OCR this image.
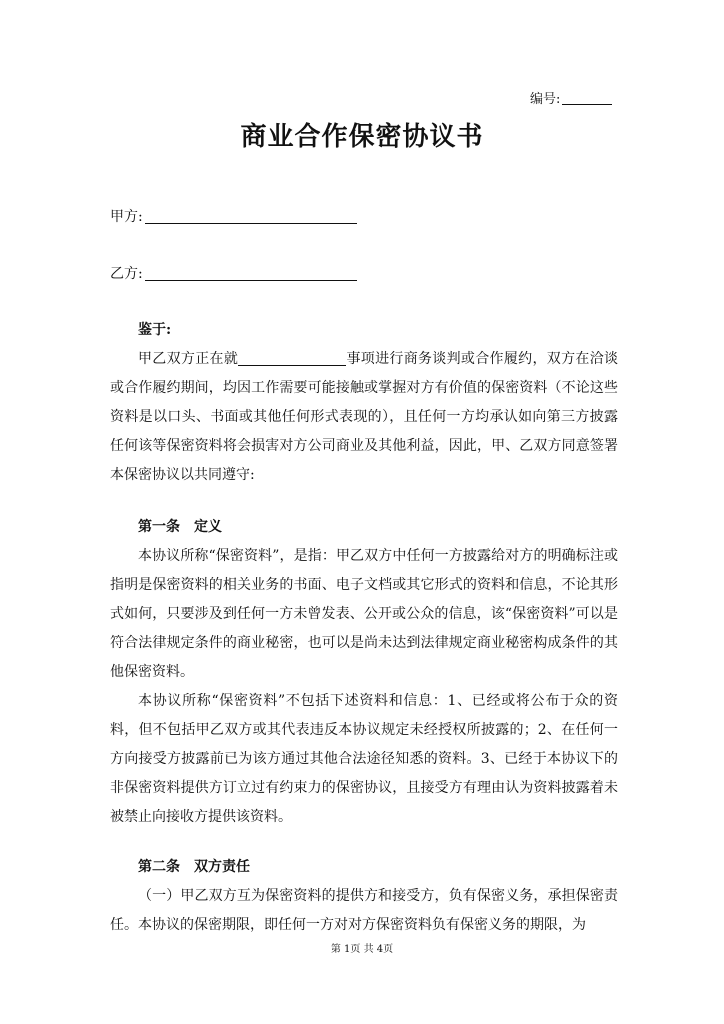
编号:
商业合作保密协议书
甲方:
乙方:

鉴于:

甲乙双方正在就	事项进行商务谈判或合作履约，双方在洽谈或合作履约期间，均因工作需要可能接触或掌握对方有价值的保密资料（不论这些资料是以口头、书面或其他任何形式表现的），且任何一方均承认如向第三方披露任何该等保密资料将会损害对方公司商业及其他利益，因此，甲、乙双方同意签署本保密协议以共同遵守:

第一条　定义

本协议所称“保密资料”，是指：甲乙双方中任何一方披露给对方的明确标注或指明是保密资料的相关业务的书面、电子文档或其它形式的资料和信息，不论其形式如何，只要涉及到任何一方未曾发表、公开或公众的信息，该“保密资料”可以是符合法律规定条件的商业秘密，也可以是尚未达到法律规定商业秘密构成条件的其他保密资料。

本协议所称“保密资料”不包括下述资料和信息：1、已经或将公布于众的资料，但不包括甲乙双方或其代表违反本协议规定未经授权所披露的；2、在任何一方向接受方披露前已为该方通过其他合法途径知悉的资料。3、已经于本协议下的非保密资料提供方订立过有约束力的保密协议，且接受方有理由认为资料披露着未被禁止向接收方提供该资料。

第二条　双方责任

（一）甲乙双方互为保密资料的提供方和接受方，负有保密义务，承担保密责任。本协议的保密期限，即任何一方对对方保密资料负有保密义务的期限，为

第 1页 共 4页
